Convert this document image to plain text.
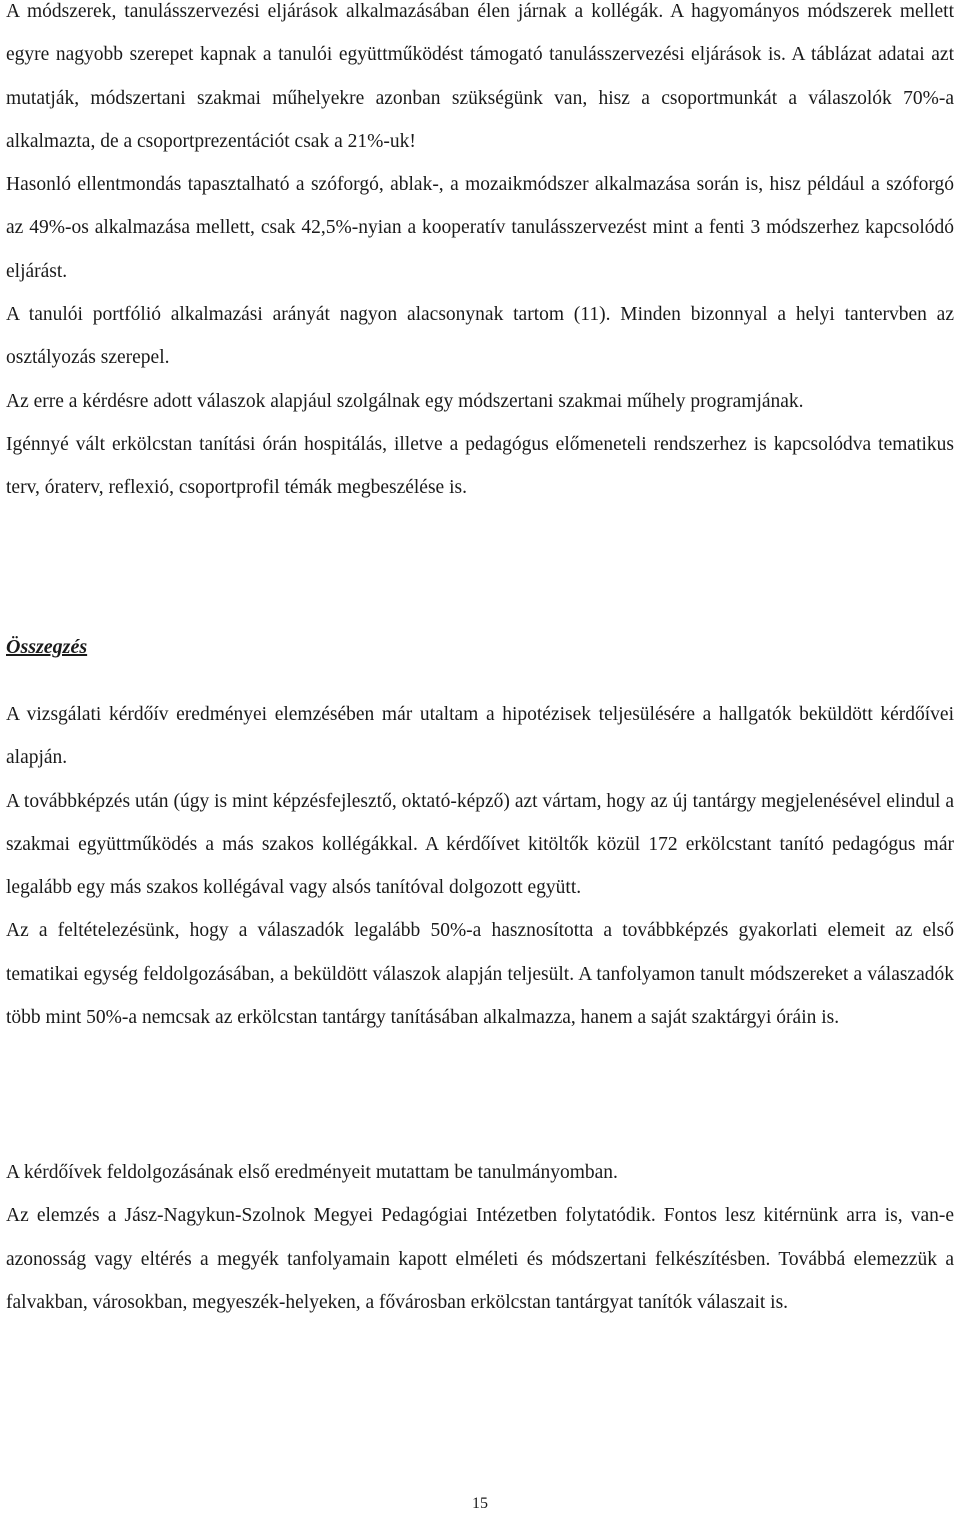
A módszerek, tanulásszervezési eljárások alkalmazásában élen járnak a kollégák. A hagyományos módszerek mellett egyre nagyobb szerepet kapnak a tanulói együttműködést támogató tanulásszervezési eljárások is. A táblázat adatai azt mutatják, módszertani szakmai műhelyekre azonban szükségünk van, hisz a csoportmunkát a válaszolók 70%-a alkalmazta, de a csoportprezentációt csak a 21%-uk!

Hasonló ellentmondás tapasztalható a szóforgó, ablak-, a mozaikmódszer alkalmazása során is, hisz például a szóforgó az 49%-os alkalmazása mellett, csak 42,5%-nyian a kooperatív tanulásszervezést mint a fenti 3 módszerhez kapcsolódó eljárást.

A tanulói portfólió alkalmazási arányát nagyon alacsonynak tartom (11). Minden bizonnyal a helyi tantervben az osztályozás szerepel.

Az erre a kérdésre adott válaszok alapjául szolgálnak egy módszertani szakmai műhely programjának.

Igénnyé vált erkölcstan tanítási órán hospitálás, illetve a pedagógus előmeneteli rendszerhez is kapcsolódva tematikus terv, óraterv, reflexió, csoportprofil témák megbeszélése is.

Összegzés

A vizsgálati kérdőív eredményei elemzésében már utaltam a hipotézisek teljesülésére a hallgatók beküldött kérdőívei alapján.

A továbbképzés után (úgy is mint képzésfejlesztő, oktató-képző) azt vártam, hogy az új tantárgy megjelenésével elindul a szakmai együttműködés a más szakos kollégákkal. A kérdőívet kitöltők közül 172 erkölcstant tanító pedagógus már legalább egy más szakos kollégával vagy alsós tanítóval dolgozott együtt.

Az a feltételezésünk, hogy a válaszadók legalább 50%-a hasznosította a továbbképzés gyakorlati elemeit az első tematikai egység feldolgozásában, a beküldött válaszok alapján teljesült. A tanfolyamon tanult módszereket a válaszadók több mint 50%-a nemcsak az erkölcstan tantárgy tanításában alkalmazza, hanem a saját szaktárgyi óráin is.

A kérdőívek feldolgozásának első eredményeit mutattam be tanulmányomban.

Az elemzés a Jász-Nagykun-Szolnok Megyei Pedagógiai Intézetben folytatódik. Fontos lesz kitérnünk arra is, van-e azonosság vagy eltérés a megyék tanfolyamain kapott elméleti és módszertani felkészítésben. Továbbá elemezzük a falvakban, városokban, megyeszék-helyeken, a fővárosban erkölcstan tantárgyat tanítók válaszait is.

15
